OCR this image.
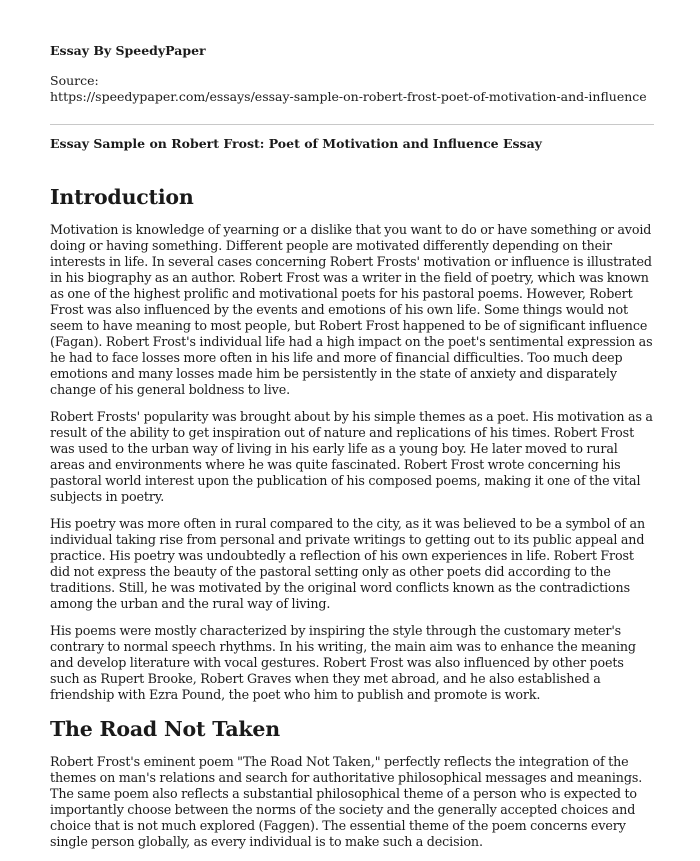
Essay By SpeedyPaper

Source:

https://speedypaper.com/essays/essay-sample-on-robert-frost-poet-of-motivation-and-influence

Essay Sample on Robert Frost: Poet of Motivation and Influence Essay

Introduction

Motivation is knowledge of yearning or a dislike that you want to do or have something or avoid doing or having something. Different people are motivated differently depending on their interests in life. In several cases concerning Robert Frosts' motivation or influence is illustrated in his biography as an author. Robert Frost was a writer in the field of poetry, which was known as one of the highest prolific and motivational poets for his pastoral poems. However, Robert Frost was also influenced by the events and emotions of his own life. Some things would not seem to have meaning to most people, but Robert Frost happened to be of significant influence (Fagan). Robert Frost's individual life had a high impact on the poet's sentimental expression as he had to face losses more often in his life and more of financial difficulties. Too much deep emotions and many losses made him be persistently in the state of anxiety and disparately change of his general boldness to live.

Robert Frosts' popularity was brought about by his simple themes as a poet. His motivation as a result of the ability to get inspiration out of nature and replications of his times. Robert Frost was used to the urban way of living in his early life as a young boy. He later moved to rural areas and environments where he was quite fascinated. Robert Frost wrote concerning his pastoral world interest upon the publication of his composed poems, making it one of the vital subjects in poetry.

His poetry was more often in rural compared to the city, as it was believed to be a symbol of an individual taking rise from personal and private writings to getting out to its public appeal and practice. His poetry was undoubtedly a reflection of his own experiences in life. Robert Frost did not express the beauty of the pastoral setting only as other poets did according to the traditions. Still, he was motivated by the original word conflicts known as the contradictions among the urban and the rural way of living.

His poems were mostly characterized by inspiring the style through the customary meter's contrary to normal speech rhythms. In his writing, the main aim was to enhance the meaning and develop literature with vocal gestures. Robert Frost was also influenced by other poets such as Rupert Brooke, Robert Graves when they met abroad, and he also established a friendship with Ezra Pound, the poet who him to publish and promote is work.

The Road Not Taken

Robert Frost's eminent poem "The Road Not Taken," perfectly reflects the integration of the themes on man's relations and search for authoritative philosophical messages and meanings. The same poem also reflects a substantial philosophical theme of a person who is expected to importantly choose between the norms of the society and the generally accepted choices and choice that is not much explored (Faggen). The essential theme of the poem concerns every single person globally, as every individual is to make such a decision.
